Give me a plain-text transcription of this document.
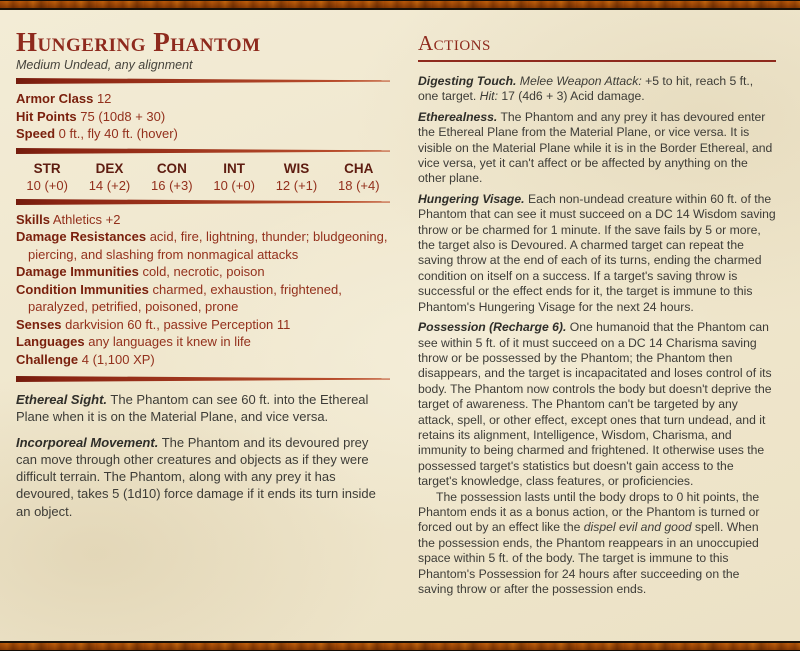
Hungering Phantom
Medium Undead, any alignment
Armor Class 12
Hit Points 75 (10d8 + 30)
Speed 0 ft., fly 40 ft. (hover)
STR
10 (+0)
DEX
14 (+2)
CON
16 (+3)
INT
10 (+0)
WIS
12 (+1)
CHA
18 (+4)
Skills Athletics +2
Damage Resistances acid, fire, lightning, thunder; bludgeoning, piercing, and slashing from nonmagical attacks
Damage Immunities cold, necrotic, poison
Condition Immunities charmed, exhaustion, frightened, paralyzed, petrified, poisoned, prone
Senses darkvision 60 ft., passive Perception 11
Languages any languages it knew in life
Challenge 4 (1,100 XP)

Ethereal Sight. The Phantom can see 60 ft. into the Ethereal Plane when it is on the Material Plane, and vice versa.

Incorporeal Movement. The Phantom and its devoured prey can move through other creatures and objects as if they were difficult terrain. The Phantom, along with any prey it has devoured, takes 5 (1d10) force damage if it ends its turn inside an object.

Actions

Digesting Touch. Melee Weapon Attack: +5 to hit, reach 5 ft., one target. Hit: 17 (4d6 + 3) Acid damage.

Etherealness. The Phantom and any prey it has devoured enter the Ethereal Plane from the Material Plane, or vice versa. It is visible on the Material Plane while it is in the Border Ethereal, and vice versa, yet it can't affect or be affected by anything on the other plane.

Hungering Visage. Each non-undead creature within 60 ft. of the Phantom that can see it must succeed on a DC 14 Wisdom saving throw or be charmed for 1 minute. If the save fails by 5 or more, the target also is Devoured. A charmed target can repeat the saving throw at the end of each of its turns, ending the charmed condition on itself on a success. If a target's saving throw is successful or the effect ends for it, the target is immune to this Phantom's Hungering Visage for the next 24 hours.

Possession (Recharge 6). One humanoid that the Phantom can see within 5 ft. of it must succeed on a DC 14 Charisma saving throw or be possessed by the Phantom; the Phantom then disappears, and the target is incapacitated and loses control of its body. The Phantom now controls the body but doesn't deprive the target of awareness. The Phantom can't be targeted by any attack, spell, or other effect, except ones that turn undead, and it retains its alignment, Intelligence, Wisdom, Charisma, and immunity to being charmed and frightened. It otherwise uses the possessed target's statistics but doesn't gain access to the target's knowledge, class features, or proficiencies.

The possession lasts until the body drops to 0 hit points, the Phantom ends it as a bonus action, or the Phantom is turned or forced out by an effect like the dispel evil and good spell. When the possession ends, the Phantom reappears in an unoccupied space within 5 ft. of the body. The target is immune to this Phantom's Possession for 24 hours after succeeding on the saving throw or after the possession ends.
